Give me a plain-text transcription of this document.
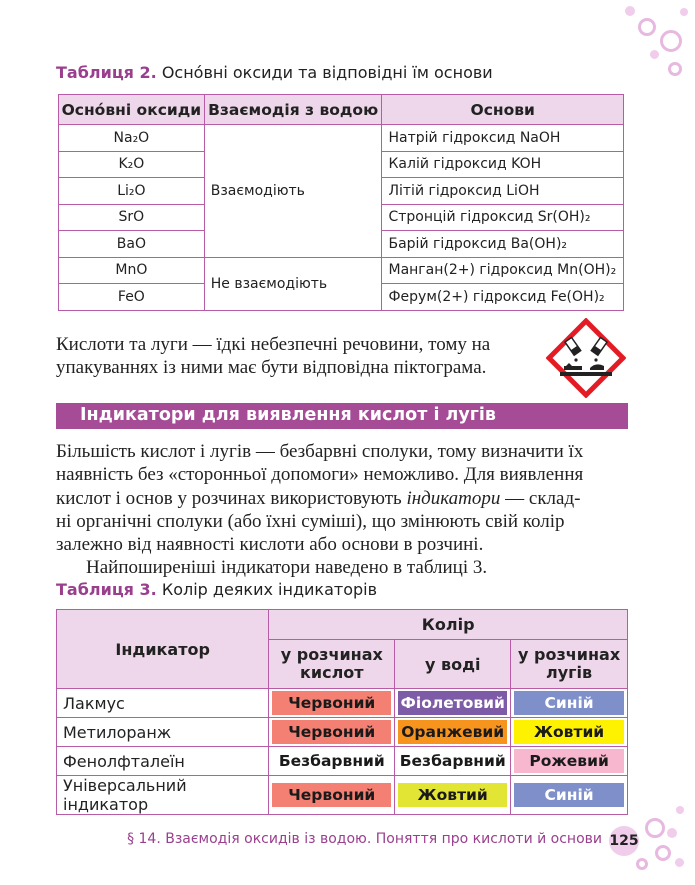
Таблиця 2. Осно́вні оксиди та відповідні їм основи
Осно́вні оксиди	Взаємодія з водою	Основи
Na₂O	Взаємодіють	Натрій гідроксид NaOH
K₂O		Калій гідроксид KOH
Li₂O		Літій гідроксид LiOH
SrO		Стронцій гідроксид Sr(OH)₂
BaO		Барій гідроксид Ba(OH)₂
MnO	Не взаємодіють	Манган(2+) гідроксид Mn(OH)₂
FeO		Ферум(2+) гідроксид Fe(OH)₂
Кислоти та луги — їдкі небезпечні речовини, тому на
упакуваннях із ними має бути відповідна піктограма.
Індикатори для виявлення кислот і лугів
Більшість кислот і лугів — безбарвні сполуки, тому визначити їх
наявність без «сторонньої допомоги» неможливо. Для виявлення
кислот і основ у розчинах використовують індикатори — склад-
ні органічні сполуки (або їхні суміші), що змінюють свій колір
залежно від наявності кислоти або основи в розчині.
Найпоширеніші індикатори наведено в таблиці 3.
Таблиця 3. Колір деяких індикаторів
Індикатор	Колір		
	у розчинах кислот	у воді	у розчинах лугів
Лакмус	Червоний	Фіолетовий	Синій

Метилоранж	Червоний	Оранжевий	Жовтий

Фенолфталеїн	Безбарвний	Безбарвний	Рожевий

Універсальний індикатор	Червоний	Жовтий	Синій
§ 14. Взаємодія оксидів із водою. Поняття про кислоти й основи 125
